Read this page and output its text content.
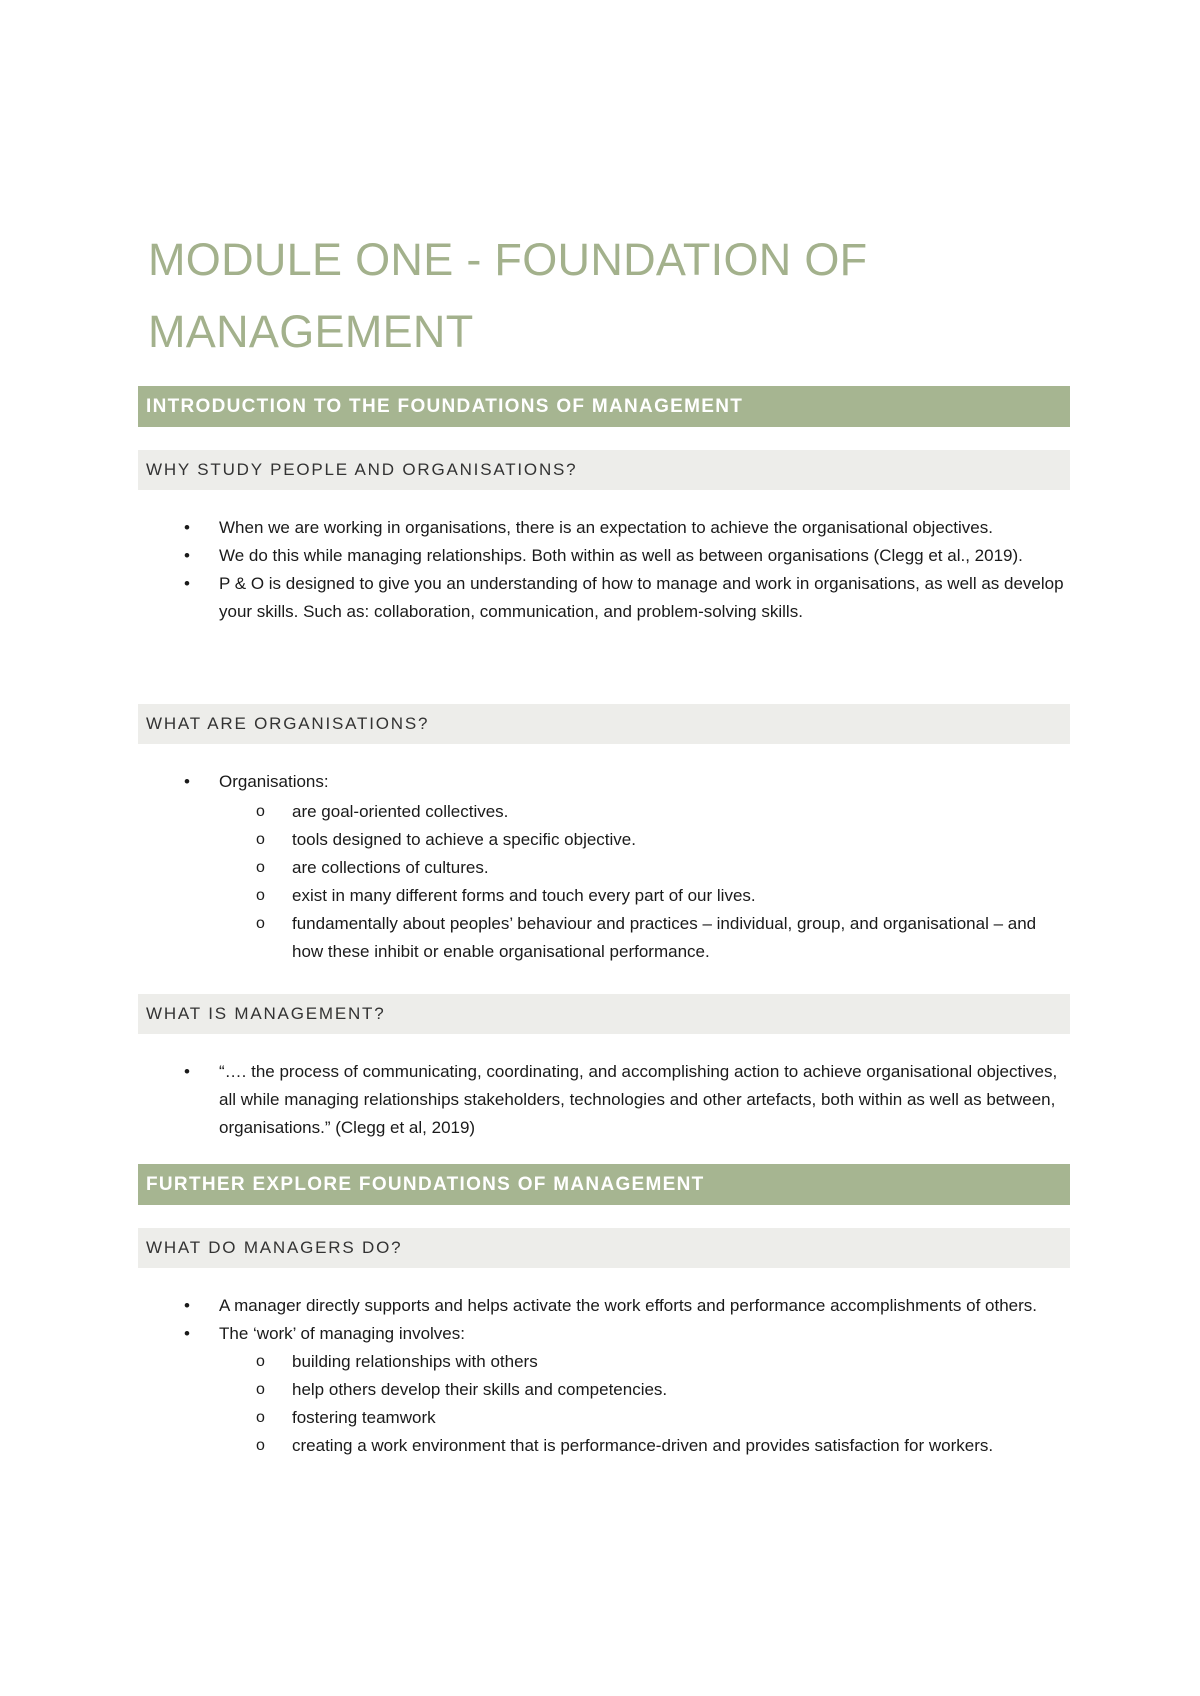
MODULE ONE - FOUNDATION OF MANAGEMENT
INTRODUCTION TO THE FOUNDATIONS OF MANAGEMENT
WHY STUDY PEOPLE AND ORGANISATIONS?
• When we are working in organisations, there is an expectation to achieve the organisational objectives.
• We do this while managing relationships. Both within as well as between organisations (Clegg et al., 2019).
• P & O is designed to give you an understanding of how to manage and work in organisations, as well as develop your skills. Such as: collaboration, communication, and problem-solving skills.
WHAT ARE ORGANISATIONS?
• Organisations:
o are goal-oriented collectives.
o tools designed to achieve a specific objective.
o are collections of cultures.
o exist in many different forms and touch every part of our lives.
o fundamentally about peoples’ behaviour and practices – individual, group, and organisational – and how these inhibit or enable organisational performance.
WHAT IS MANAGEMENT?
• “…. the process of communicating, coordinating, and accomplishing action to achieve organisational objectives, all while managing relationships stakeholders, technologies and other artefacts, both within as well as between, organisations.” (Clegg et al, 2019)
FURTHER EXPLORE FOUNDATIONS OF MANAGEMENT
WHAT DO MANAGERS DO?
• A manager directly supports and helps activate the work efforts and performance accomplishments of others.
• The ‘work’ of managing involves:
o building relationships with others
o help others develop their skills and competencies.
o fostering teamwork
o creating a work environment that is performance-driven and provides satisfaction for workers.
